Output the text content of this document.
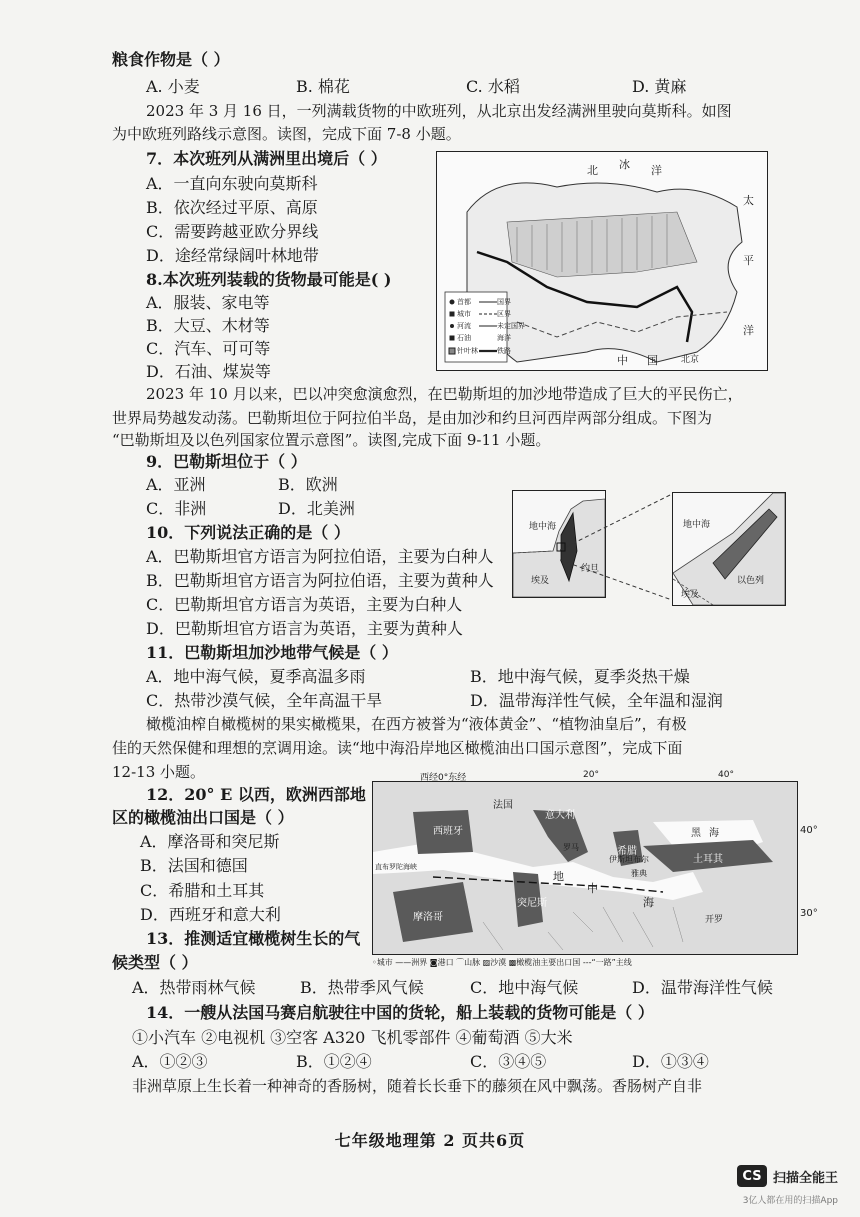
粮食作物是（ ）
A. 小麦	B. 棉花	C. 水稻	D. 黄麻
2023 年 3 月 16 日，一列满载货物的中欧班列，从北京出发经满洲里驶向莫斯科。如图
为中欧班列路线示意图。读图，完成下面 7-8 小题。
7．本次班列从满洲里出境后（ ）
A．一直向东驶向莫斯科
B．依次经过平原、高原
C．需要跨越亚欧分界线
D．途经常绿阔叶林地带
8.本次班列装载的货物最可能是( )
A．服装、家电等
B．大豆、木材等
C．汽车、可可等
D．石油、煤炭等
北 冰 洋
太
平
洋
中 国	北京
首都	国界
城市	区界
河流	未定国界
石油	海洋
针叶林	铁路
2023 年 10 月以来，巴以冲突愈演愈烈，在巴勒斯坦的加沙地带造成了巨大的平民伤亡，
世界局势越发动荡。巴勒斯坦位于阿拉伯半岛，是由加沙和约旦河西岸两部分组成。下图为
“巴勒斯坦及以色列国家位置示意图”。读图,完成下面 9-11 小题。
9．巴勒斯坦位于（ ）
A．亚洲	B．欧洲
C．非洲	D．北美洲
10．下列说法正确的是（ ）
A．巴勒斯坦官方语言为阿拉伯语，主要为白种人
B．巴勒斯坦官方语言为阿拉伯语，主要为黄种人
C．巴勒斯坦官方语言为英语，主要为白种人
D．巴勒斯坦官方语言为英语，主要为黄种人
地中海
埃及
约旦
地中海
埃及
以色列
11．巴勒斯坦加沙地带气候是（ ）
A．地中海气候，夏季高温多雨	B．地中海气候，夏季炎热干燥
C．热带沙漠气候，全年高温干旱	D．温带海洋性气候，全年温和湿润
橄榄油榨自橄榄树的果实橄榄果，在西方被誉为“液体黄金”、“植物油皇后”，有极
佳的天然保健和理想的烹调用途。读“地中海沿岸地区橄榄油出口国示意图”，完成下面
12-13 小题。
12．20° E 以西，欧洲西部地
区的橄榄油出口国是（ ）
A．摩洛哥和突尼斯
B．法国和德国
C．希腊和土耳其
D．西班牙和意大利
13．推测适宜橄榄树生长的气
候类型（ ）
A．热带雨林气候	B．热带季风气候	C．地中海气候	D．温带海洋性气候
西班牙
法国
意大利
希腊
土耳其
摩洛哥
突尼斯
黑 海
地
中
海
直布罗陀海峡
罗马
雅典
伊斯坦布尔
开罗
西经0°东经	20°	40°
40°
30°
◦城市 ——洲界 ◙港口 ⌒山脉 ▨沙漠 ▩橄榄油主要出口国 ---“一路”主线
14．一艘从法国马赛启航驶往中国的货轮，船上装载的货物可能是（ ）
①小汽车 ②电视机 ③空客 A320 飞机零部件 ④葡萄酒 ⑤大米
A．①②③	B．①②④	C．③④⑤	D．①③④
非洲草原上生长着一种神奇的香肠树，随着长长垂下的藤须在风中飘荡。香肠树产自非
七年级地理第 2 页共6页
CS 扫描全能王
3亿人都在用的扫描App
